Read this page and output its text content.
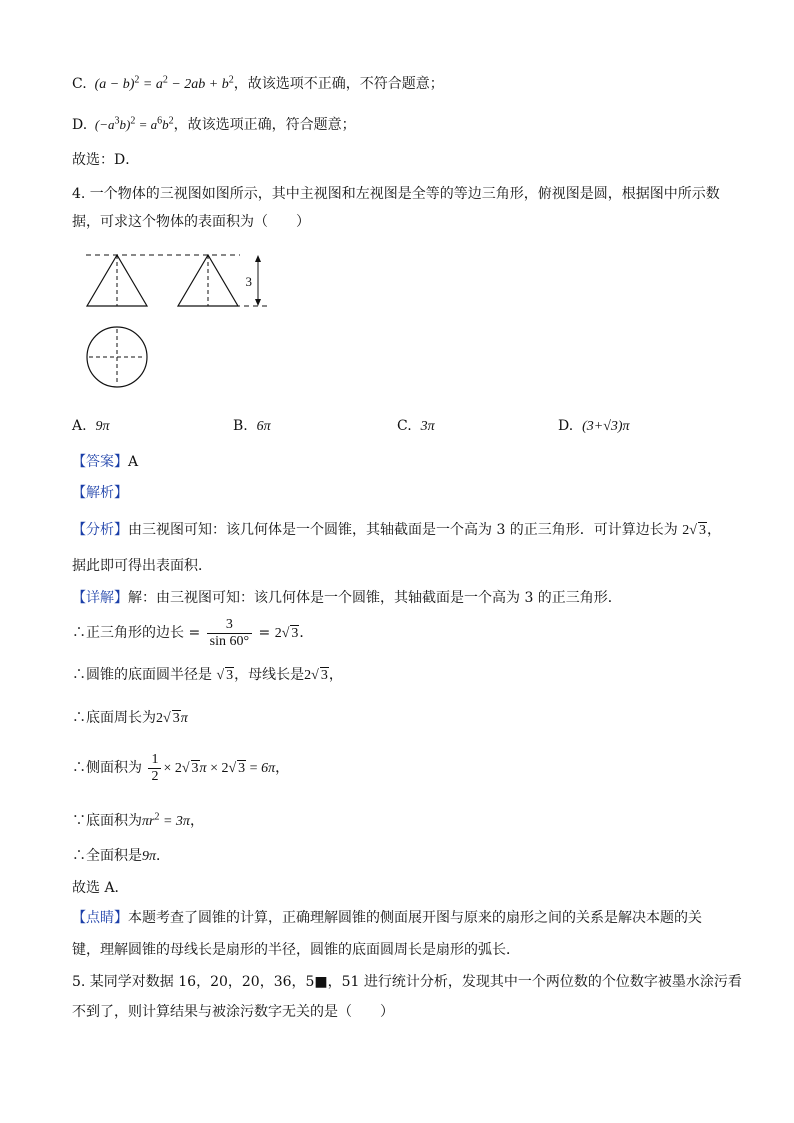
C.  $(a - b)^2 = a^2 - 2ab + b^2$，故该选项不正确，不符合题意；
D.  $(-a^3b)^2 = a^6b^2$，故该选项正确，符合题意；
故选：D．
4. 一个物体的三视图如图所示，其中主视图和左视图是全等的等边三角形，俯视图是圆，根据图中所示数
据，可求这个物体的表面积为（　　）
3
A. 9π	B. 6π	C. 3π	D. (3+√3)π
【答案】A
【解析】
【分析】由三视图可知：该几何体是一个圆锥，其轴截面是一个高为 3 的正三角形．可计算边长为 2√ 3，
据此即可得出表面积．
【详解】解：由三视图可知：该几何体是一个圆锥，其轴截面是一个高为 3 的正三角形．
∴正三角形的边长 = $\frac{3}{\sin 60^\circ} = 2√$ 3．
∴圆锥的底面圆半径是 √ 3，母线长是2√ 3，
∴底面周长为2√ 3π
∴侧面积为 $\frac{1}{2} \times 2√$ 3π × 2√ 3 = 6π，
∵底面积为$\pi r^2 = 3\pi$，
∴全面积是9π．
故选 A．
【点睛】本题考查了圆锥的计算，正确理解圆锥的侧面展开图与原来的扇形之间的关系是解决本题的关
键，理解圆锥的母线长是扇形的半径，圆锥的底面圆周长是扇形的弧长．
5. 某同学对数据 16，20，20，36，5■，51 进行统计分析，发现其中一个两位数的个位数字被墨水涂污看
不到了，则计算结果与被涂污数字无关的是（　　）
